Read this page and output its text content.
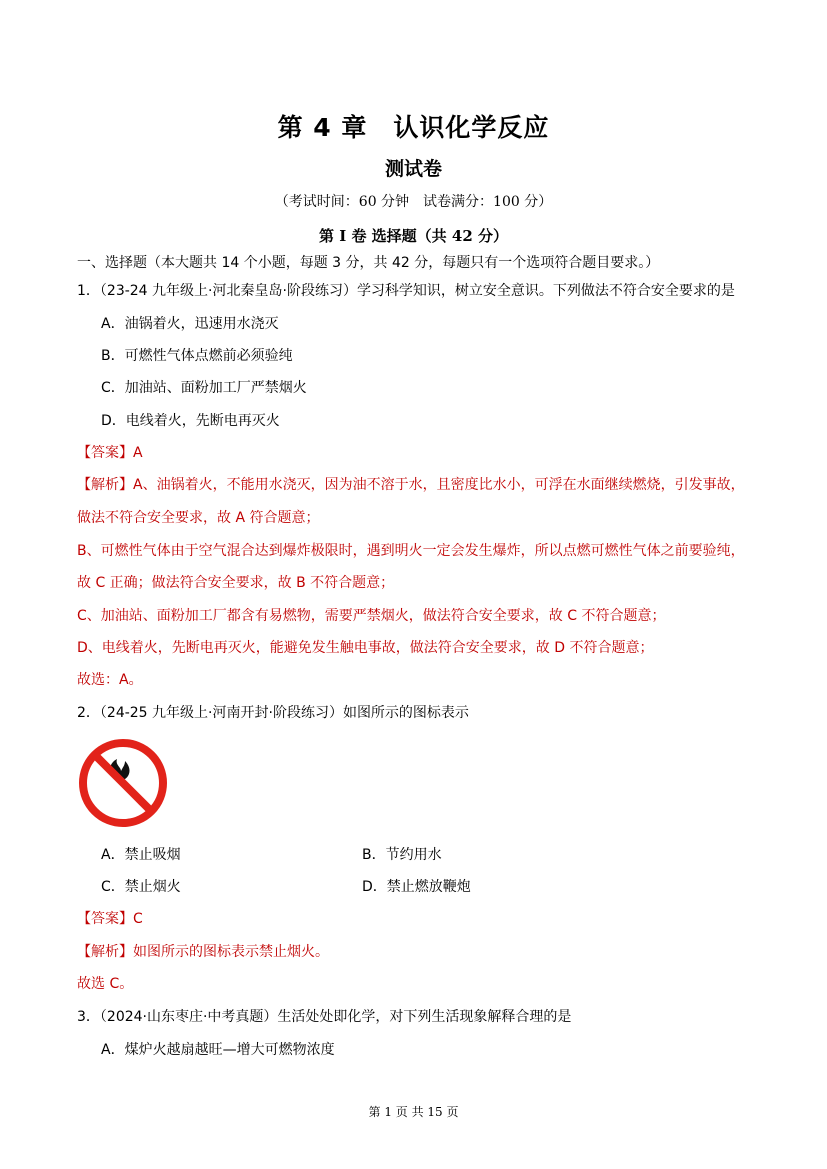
第 4 章　认识化学反应
测试卷
（考试时间：60 分钟　试卷满分：100 分）
第 I 卷 选择题（共 42 分）
一、选择题（本大题共 14 个小题，每题 3 分，共 42 分，每题只有一个选项符合题目要求。）
1．（23-24 九年级上·河北秦皇岛·阶段练习）学习科学知识，树立安全意识。下列做法不符合安全要求的是
A．油锅着火，迅速用水浇灭
B．可燃性气体点燃前必须验纯
C．加油站、面粉加工厂严禁烟火
D．电线着火，先断电再灭火
【答案】A
【解析】A、油锅着火，不能用水浇灭，因为油不溶于水，且密度比水小，可浮在水面继续燃烧，引发事故，
做法不符合安全要求，故 A 符合题意；
B、可燃性气体由于空气混合达到爆炸极限时，遇到明火一定会发生爆炸，所以点燃可燃性气体之前要验纯，
故 C 正确；做法符合安全要求，故 B 不符合题意；
C、加油站、面粉加工厂都含有易燃物，需要严禁烟火，做法符合安全要求，故 C 不符合题意；
D、电线着火，先断电再灭火，能避免发生触电事故，做法符合安全要求，故 D 不符合题意；
故选：A。
2．（24-25 九年级上·河南开封·阶段练习）如图所示的图标表示
A．禁止吸烟	B．节约用水
C．禁止烟火	D．禁止燃放鞭炮
【答案】C
【解析】如图所示的图标表示禁止烟火。
故选 C。
3．（2024·山东枣庄·中考真题）生活处处即化学，对下列生活现象解释合理的是
A．煤炉火越扇越旺—增大可燃物浓度
第 1 页 共 15 页
